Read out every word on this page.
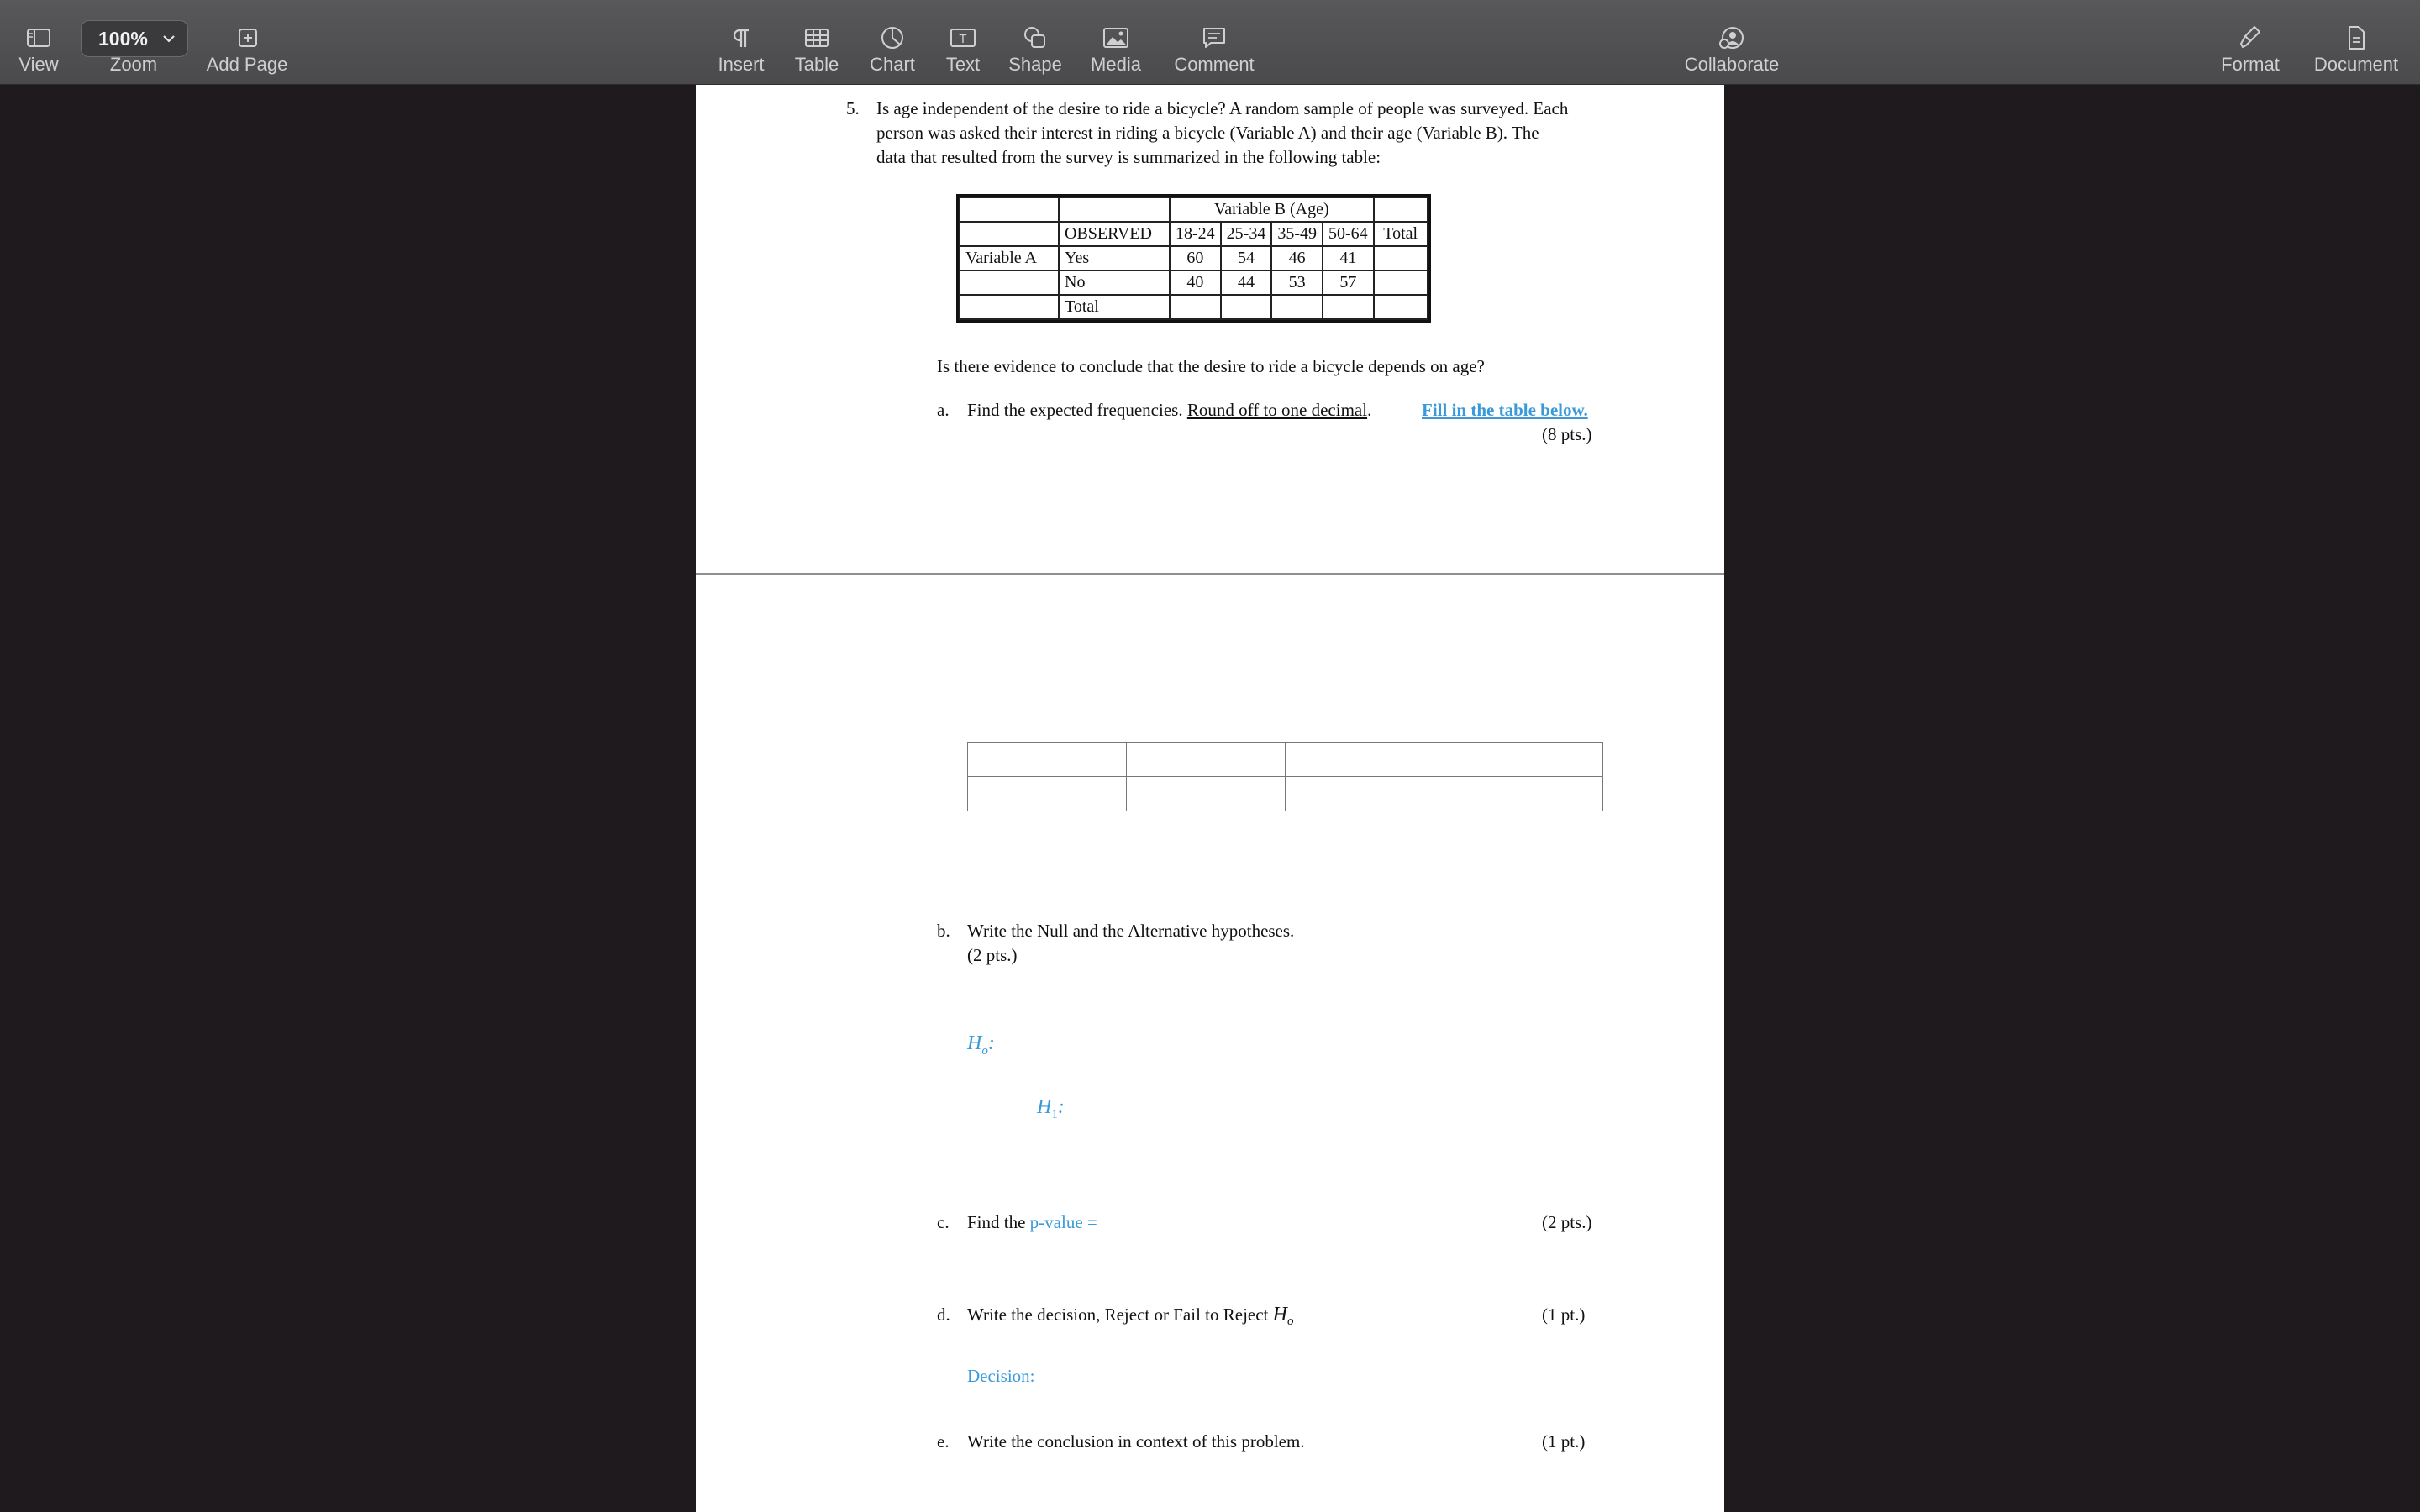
View
100%
Zoom	Add Page	Insert	Table	Chart
T
Text	Shape	Media	Comment	Collaborate	Format	Document
5. Is age independent of the desire to ride a bicycle? A random sample of people was surveyed. Each
person was asked their interest in riding a bicycle (Variable A) and their age (Variable B). The
data that resulted from the survey is summarized in the following table:
		Variable B (Age)				
	OBSERVED	18-24	25-34	35-49	50-64	Total
Variable A	Yes	60	54	46	41	
	No	40	44	53	57	
	Total					
Is there evidence to conclude that the desire to ride a bicycle depends on age?
a. Find the expected frequencies. Round off to one decimal.	Fill in the table below.
(8 pts.)

b. Write the Null and the Alternative hypotheses.
(2 pts.)
$H_o$:
$H_1$:
c. Find the p-value =	(2 pts.)
d. Write the decision, Reject or Fail to Reject $H_o$	(1 pt.)
Decision:
e. Write the conclusion in context of this problem.	(1 pt.)
